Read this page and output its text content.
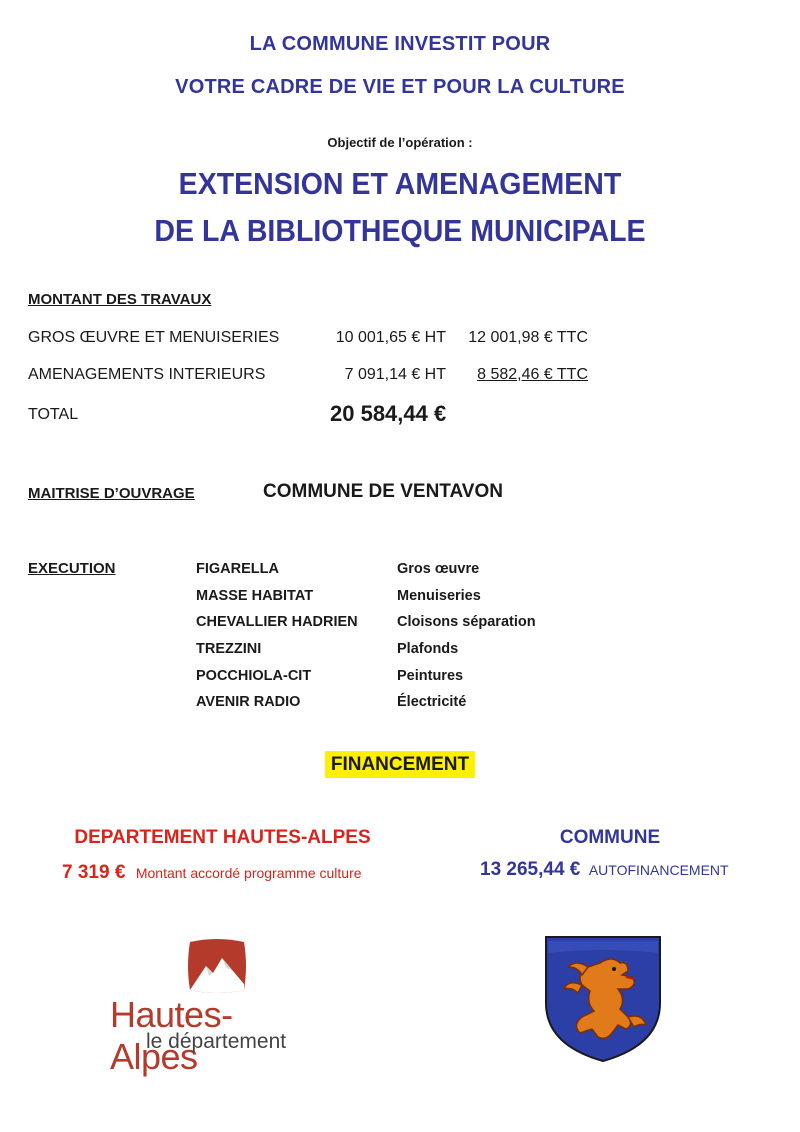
LA COMMUNE INVESTIT POUR
VOTRE CADRE DE VIE ET POUR LA CULTURE
Objectif de l’opération :
EXTENSION ET AMENAGEMENT
DE LA BIBLIOTHEQUE MUNICIPALE
MONTANT DES TRAVAUX
GROS ŒUVRE ET MENUISERIES	10 001,65 € HT	12 001,98 € TTC
AMENAGEMENTS INTERIEURS	7 091,14 € HT	8 582,46 € TTC
TOTAL	20 584,44 €
MAITRISE D’OUVRAGE	COMMUNE DE VENTAVON
EXECUTION	FIGARELLA	Gros œuvre
MASSE HABITAT	Menuiseries
CHEVALLIER HADRIEN	Cloisons séparation
TREZZINI	Plafonds
POCCHIOLA-CIT	Peintures
AVENIR RADIO	Électricité
FINANCEMENT
DEPARTEMENT HAUTES-ALPES
7 319 € Montant accordé programme culture
COMMUNE
13 265,44 € AUTOFINANCEMENT
Hautes-Alpes
le département
